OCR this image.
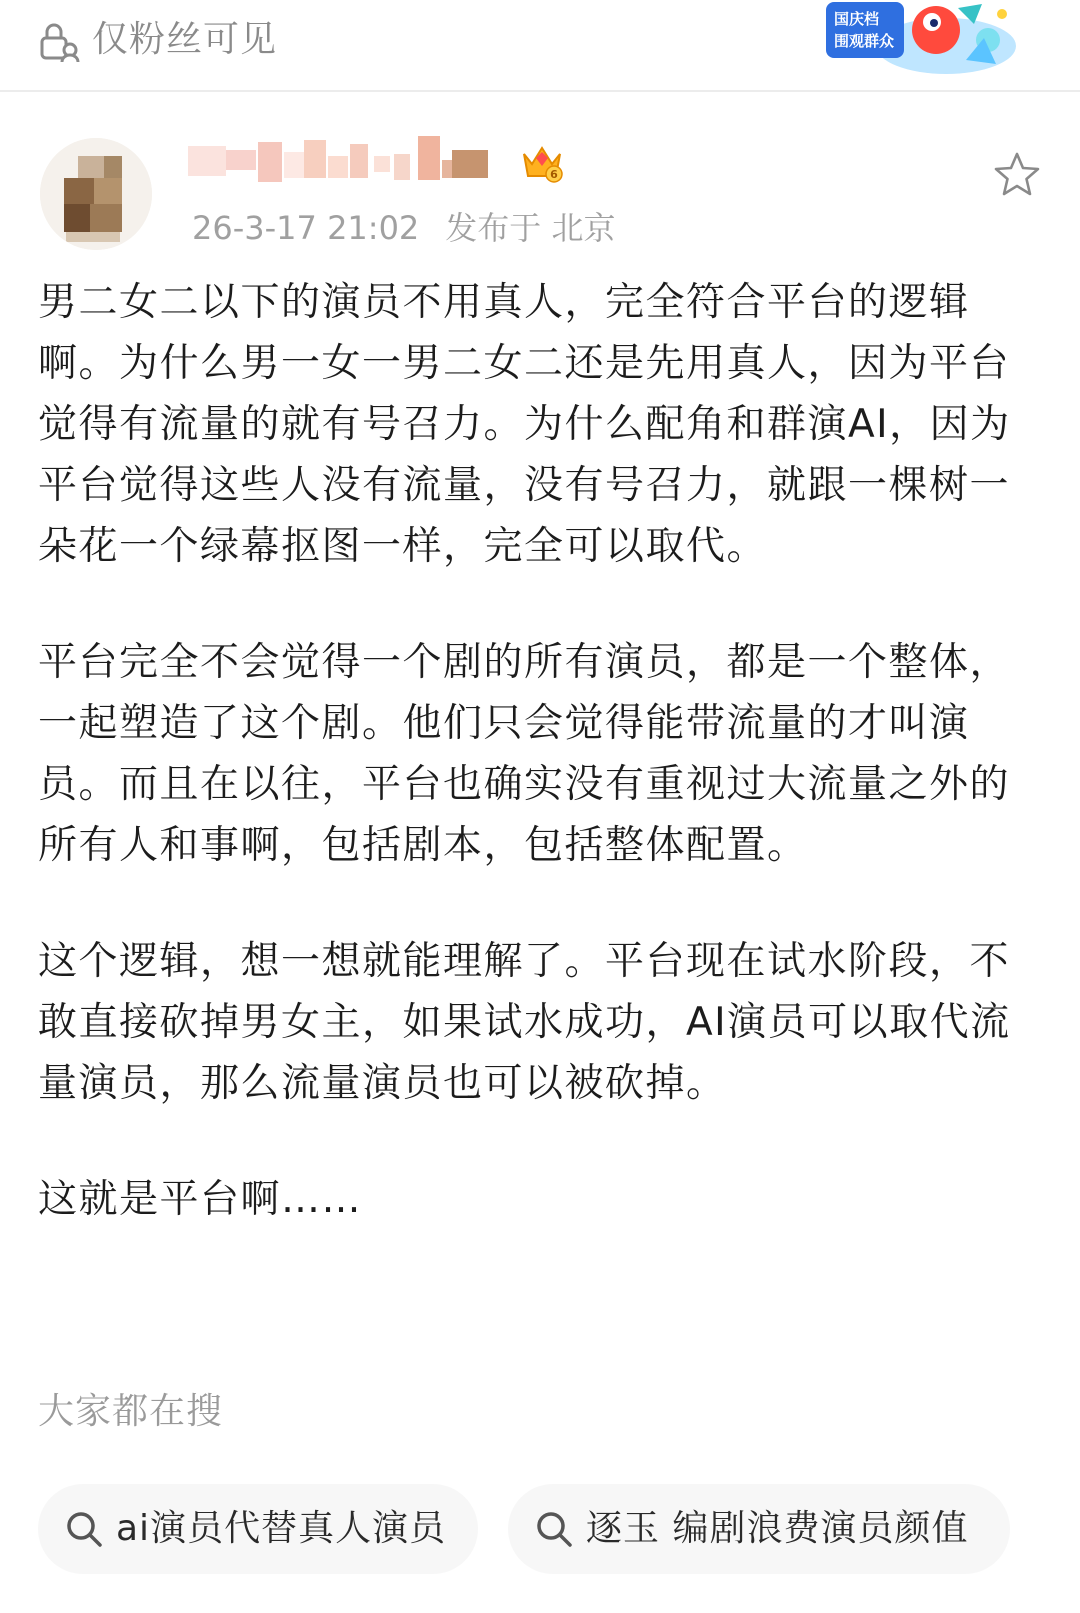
仅粉丝可见	国庆档
围观群众
6
26-3-17 21:02 发布于 北京

男二女二以下的演员不用真人，完全符合平台的逻辑啊。为什么男一女一男二女二还是先用真人，因为平台觉得有流量的就有号召力。为什么配角和群演AI，因为平台觉得这些人没有流量，没有号召力，就跟一棵树一朵花一个绿幕抠图一样，完全可以取代。

平台完全不会觉得一个剧的所有演员，都是一个整体，一起塑造了这个剧。他们只会觉得能带流量的才叫演员。而且在以往，平台也确实没有重视过大流量之外的所有人和事啊，包括剧本，包括整体配置。

这个逻辑，想一想就能理解了。平台现在试水阶段，不敢直接砍掉男女主，如果试水成功，AI演员可以取代流量演员，那么流量演员也可以被砍掉。

这就是平台啊……

大家都在搜
ai演员代替真人演员	逐玉 编剧浪费演员颜值
